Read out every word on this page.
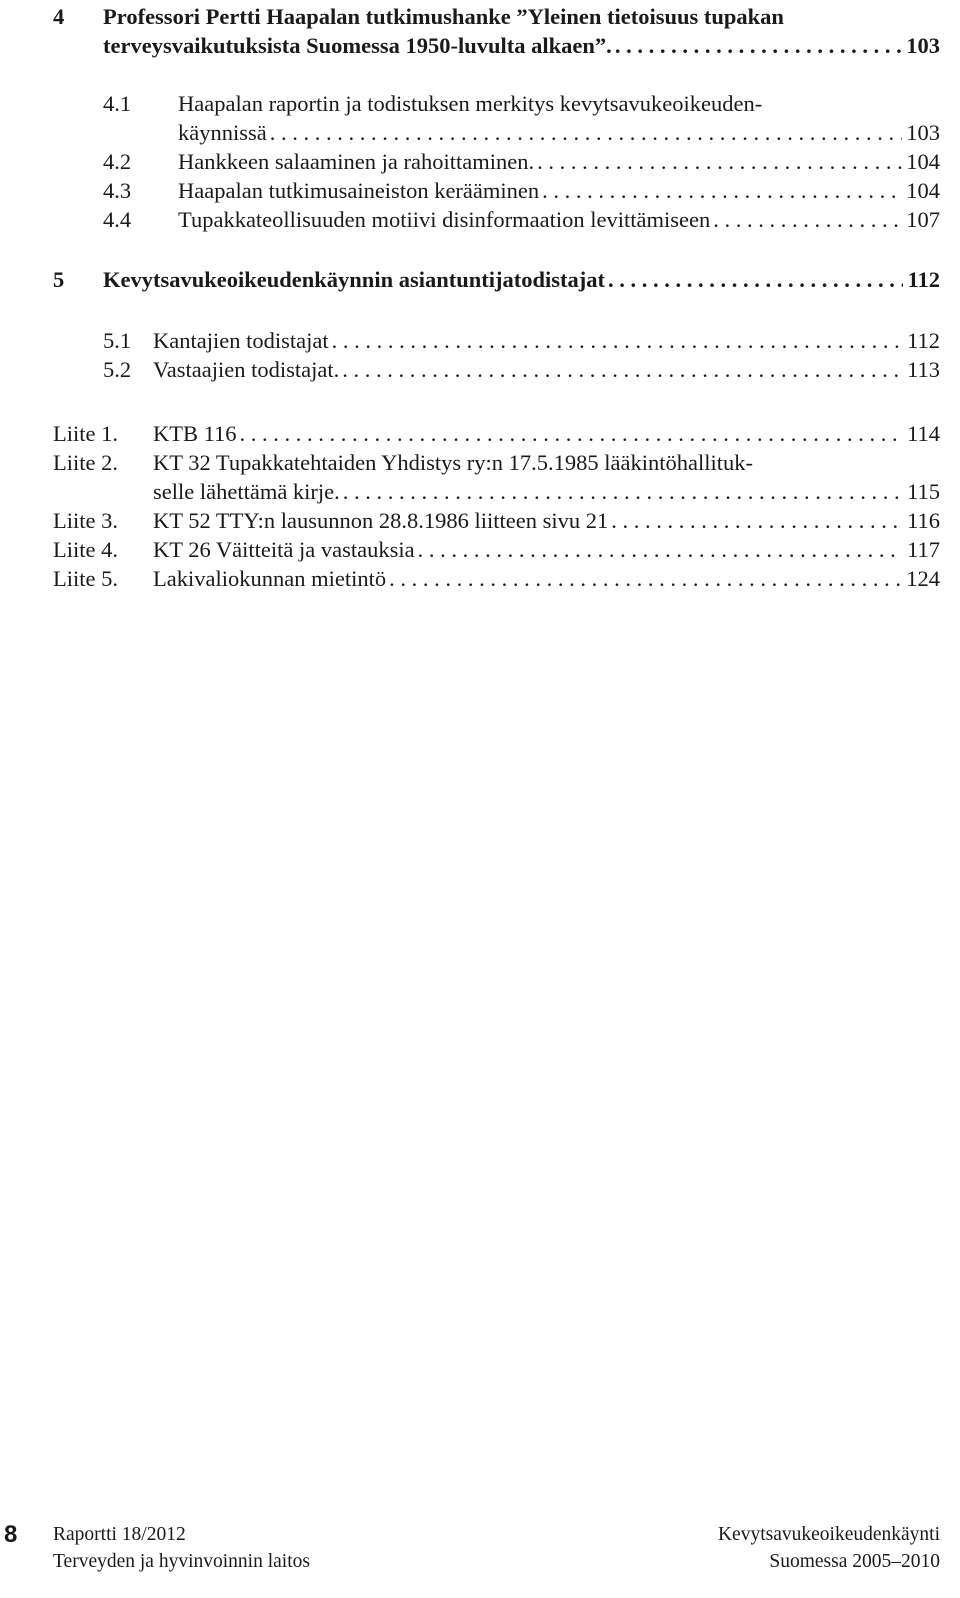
4 Professori Pertti Haapalan tutkimushanke ”Yleinen tietoisuus tupakan
terveysvaikutuksista Suomessa 1950-luvulta alkaen”. . . .	103
4.1 Haapalan raportin ja todistuksen merkitys kevytsavukeoikeuden-
käynnissä . . .	103
4.2 Hankkeen salaaminen ja rahoittaminen. . . .	104
4.3 Haapalan tutkimusaineiston kerääminen . . .	104
4.4 Tupakkateollisuuden motiivi disinformaation levittämiseen . . .	107
5 Kevytsavukeoikeudenkäynnin asiantuntijatodistajat . . .	112
5.1 Kantajien todistajat . . .	112
5.2 Vastaajien todistajat. . . .	113
Liite 1. KTB 116 . . .	114
Liite 2. KT 32 Tupakkatehtaiden Yhdistys ry:n 17.5.1985 lääkintöhallituk-
selle lähettämä kirje. . . .	115
Liite 3. KT 52 TTY:n lausunnon 28.8.1986 liitteen sivu 21 . . .	116
Liite 4. KT 26 Väitteitä ja vastauksia . . .	117
Liite 5. Lakivaliokunnan mietintö . . .	124
8 Raportti 18/2012
Terveyden ja hyvinvoinnin laitos
Kevytsavukeoikeudenkäynti
Suomessa 2005–2010
